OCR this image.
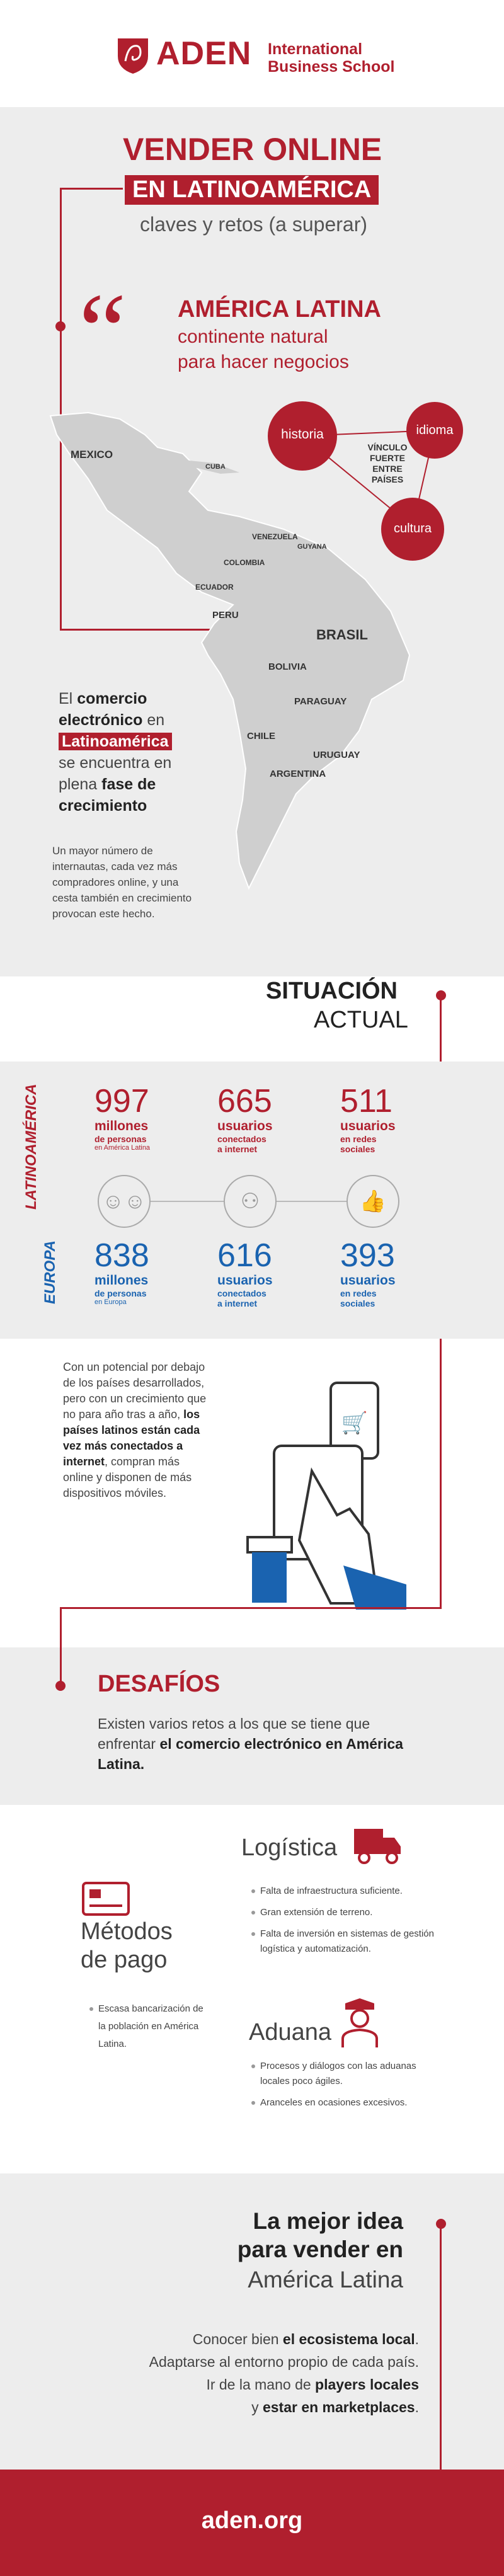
ADEN International
Business School
VENDER ONLINE
EN LATINOAMÉRICA
claves y retos (a superar)
“ AMÉRICA LATINA
continente natural
para hacer negocios
MEXICO
CUBA
VENEZUELA
GUYANA
COLOMBIA
ECUADOR
PERU
BRASIL
BOLIVIA
PARAGUAY
CHILE
URUGUAY
ARGENTINA
historia	idioma
cultura
VÍNCULO
FUERTE
ENTRE
PAÍSES
El comercio electrónico en
Latinoamérica
se encuentra en plena fase de crecimiento
Un mayor número de internautas, cada vez más compradores online, y una cesta también en crecimiento provocan este hecho.
SITUACIÓN
ACTUAL
LATINOAMÉRICA
EUROPA
997
millones
de personas
en América Latina
665
usuarios
conectados
a internet
511
usuarios
en redes
sociales
☺☺	⚇	👍
838
millones
de personas
en Europa
616
usuarios
conectados
a internet
393
usuarios
en redes
sociales
Con un potencial por debajo de los países desarrollados, pero con un crecimiento que no para año tras a año, los países latinos están cada vez más conectados a internet, compran más online y disponen de más dispositivos móviles.
🛒
DESAFÍOS
Existen varios retos a los que se tiene que enfrentar el comercio electrónico en América Latina.
Logística
Falta de infraestructura suficiente.
Gran extensión de terreno.
Falta de inversión en sistemas de gestión logística y automatización.
Métodos
de pago
Escasa bancarización de la población en América Latina.	Aduana
Procesos y diálogos con las aduanas locales poco ágiles.
Aranceles en ocasiones excesivos.
La mejor idea
para vender en
América Latina
Conocer bien el ecosistema local.
Adaptarse al entorno propio de cada país.
Ir de la mano de players locales
y estar en marketplaces.
aden.org
